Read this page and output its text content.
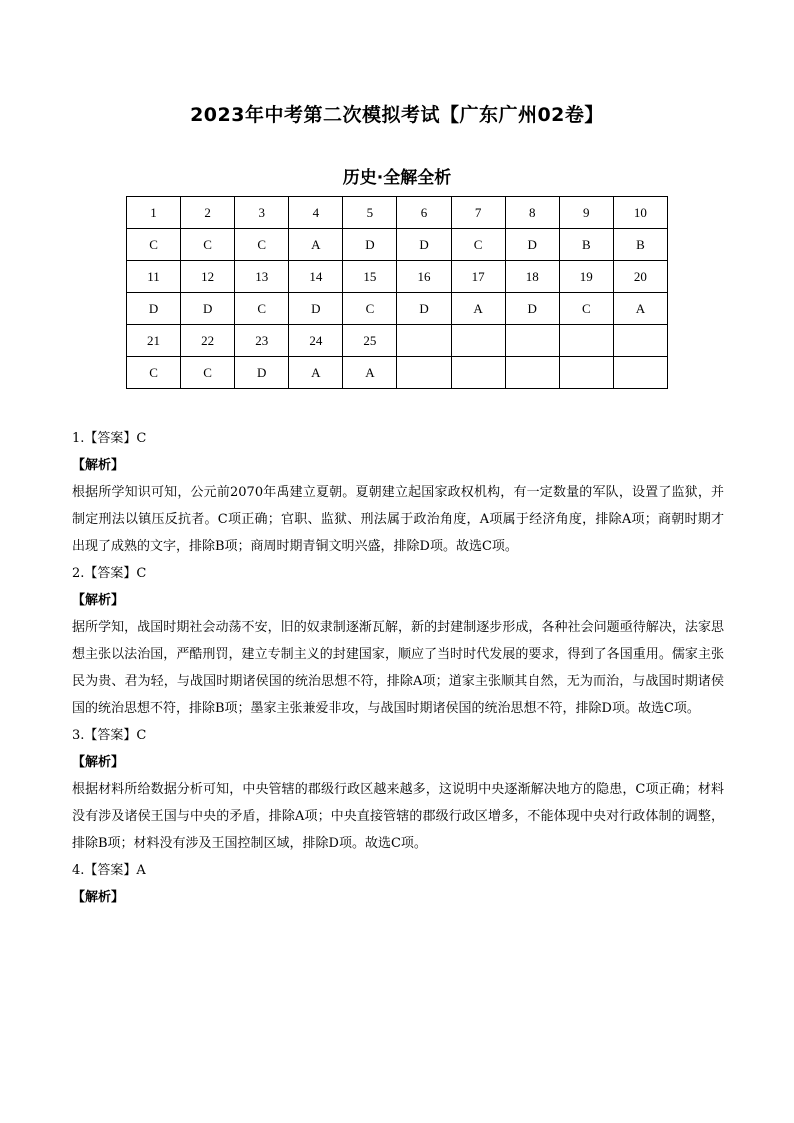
2023年中考第二次模拟考试【广东广州02卷】
历史·全解全析
1	2	3	4	5	6	7	8	9	10
C	C	C	A	D	D	C	D	B	B
11	12	13	14	15	16	17	18	19	20
D	D	C	D	C	D	A	D	C	A
21	22	23	24	25					
C	C	D	A	A					

1.【答案】C

【解析】

根据所学知识可知，公元前2070年禹建立夏朝。夏朝建立起国家政权机构，有一定数量的军队，设置了监狱，并制定刑法以镇压反抗者。C项正确；官职、监狱、刑法属于政治角度，A项属于经济角度，排除A项；商朝时期才出现了成熟的文字，排除B项；商周时期青铜文明兴盛，排除D项。故选C项。

2.【答案】C

【解析】

据所学知，战国时期社会动荡不安，旧的奴隶制逐渐瓦解，新的封建制逐步形成，各种社会问题亟待解决，法家思想主张以法治国，严酷刑罚，建立专制主义的封建国家，顺应了当时时代发展的要求，得到了各国重用。儒家主张民为贵、君为轻，与战国时期诸侯国的统治思想不符，排除A项；道家主张顺其自然，无为而治，与战国时期诸侯国的统治思想不符，排除B项；墨家主张兼爱非攻，与战国时期诸侯国的统治思想不符，排除D项。故选C项。

3.【答案】C

【解析】

根据材料所给数据分析可知，中央管辖的郡级行政区越来越多，这说明中央逐渐解决地方的隐患，C项正确；材料没有涉及诸侯王国与中央的矛盾，排除A项；中央直接管辖的郡级行政区增多，不能体现中央对行政体制的调整，排除B项；材料没有涉及王国控制区域，排除D项。故选C项。

4.【答案】A

【解析】
